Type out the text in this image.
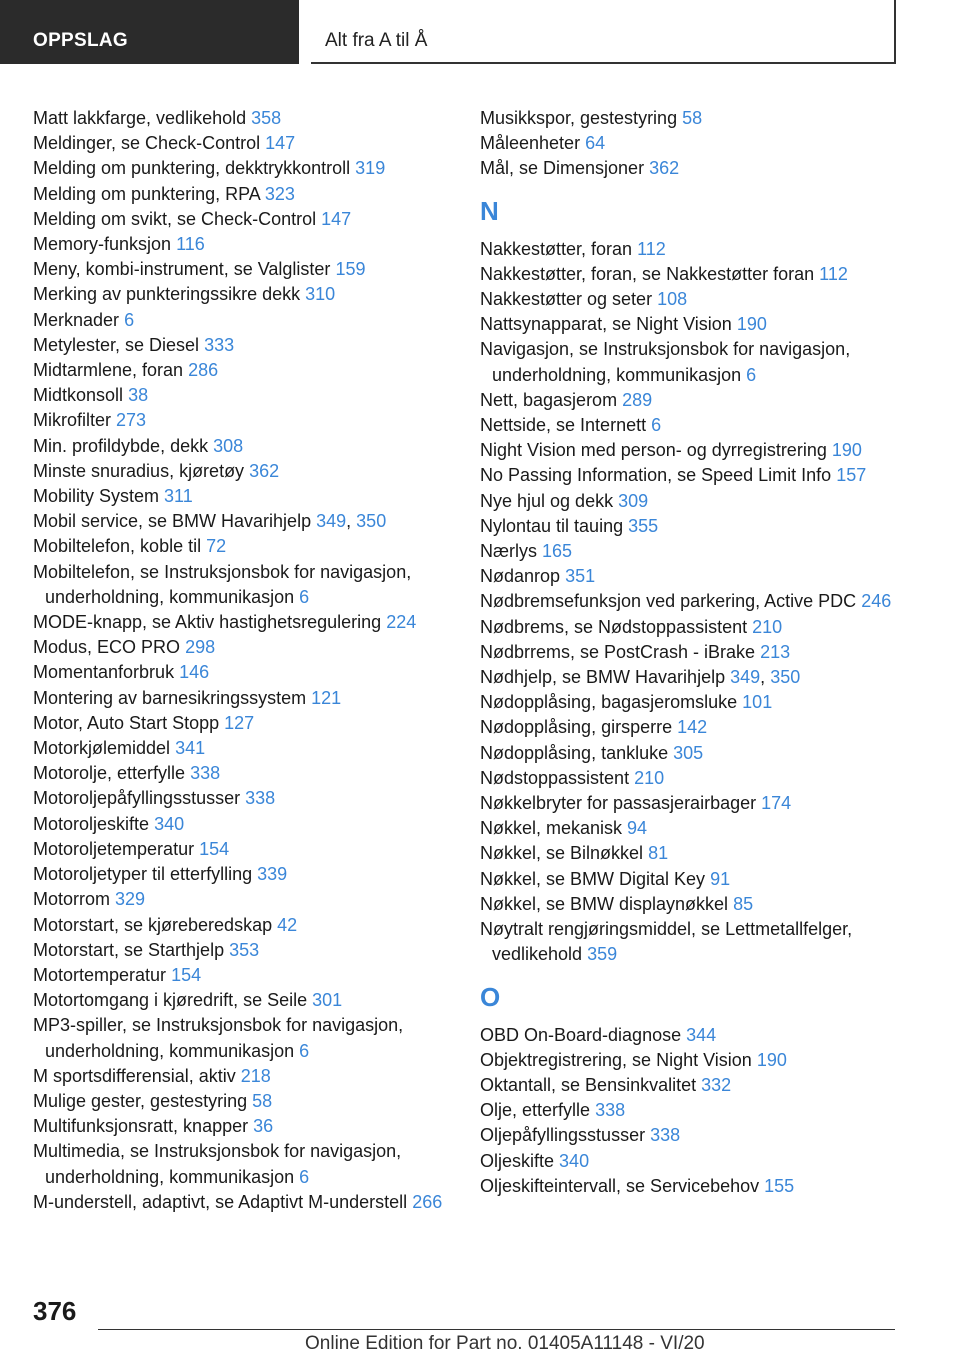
OPPSLAG	Alt fra A til Å
Matt lakkfarge, vedlikehold 358
Meldinger, se Check-Control 147
Melding om punktering, dekktrykkontroll 319
Melding om punktering, RPA 323
Melding om svikt, se Check-Control 147
Memory-funksjon 116
Meny, kombi-instrument, se Valglister 159
Merking av punkteringssikre dekk 310
Merknader 6
Metylester, se Diesel 333
Midtarmlene, foran 286
Midtkonsoll 38
Mikrofilter 273
Min. profildybde, dekk 308
Minste snuradius, kjøretøy 362
Mobility System 311
Mobil service, se BMW Havarihjelp 349, 350
Mobiltelefon, koble til 72
Mobiltelefon, se Instruksjonsbok for navigasjon, underholdning, kommunikasjon 6
MODE-knapp, se Aktiv hastighetsregulering 224
Modus, ECO PRO 298
Momentanforbruk 146
Montering av barnesikringssystem 121
Motor, Auto Start Stopp 127
Motorkjølemiddel 341
Motorolje, etterfylle 338
Motoroljepåfyllingsstusser 338
Motoroljeskifte 340
Motoroljetemperatur 154
Motoroljetyper til etterfylling 339
Motorrom 329
Motorstart, se kjøreberedskap 42
Motorstart, se Starthjelp 353
Motortemperatur 154
Motortomgang i kjøredrift, se Seile 301
MP3-spiller, se Instruksjonsbok for navigasjon, underholdning, kommunikasjon 6
M sportsdifferensial, aktiv 218
Mulige gester, gestestyring 58
Multifunksjonsratt, knapper 36
Multimedia, se Instruksjonsbok for navigasjon, underholdning, kommunikasjon 6
M-understell, adaptivt, se Adaptivt M-understell 266
Musikkspor, gestestyring 58
Måleenheter 64
Mål, se Dimensjoner 362
N
Nakkestøtter, foran 112
Nakkestøtter, foran, se Nakkestøtter foran 112
Nakkestøtter og seter 108
Nattsynapparat, se Night Vision 190
Navigasjon, se Instruksjonsbok for navigasjon, underholdning, kommunikasjon 6
Nett, bagasjerom 289
Nettside, se Internett 6
Night Vision med person- og dyrregistrering 190
No Passing Information, se Speed Limit Info 157
Nye hjul og dekk 309
Nylontau til tauing 355
Nærlys 165
Nødanrop 351
Nødbremsefunksjon ved parkering, Active PDC 246
Nødbrems, se Nødstoppassistent 210
Nødbrrems, se PostCrash - iBrake 213
Nødhjelp, se BMW Havarihjelp 349, 350
Nødopplåsing, bagasjeromsluke 101
Nødopplåsing, girsperre 142
Nødopplåsing, tankluke 305
Nødstoppassistent 210
Nøkkelbryter for passasjerairbager 174
Nøkkel, mekanisk 94
Nøkkel, se Bilnøkkel 81
Nøkkel, se BMW Digital Key 91
Nøkkel, se BMW displaynøkkel 85
Nøytralt rengjøringsmiddel, se Lettmetallfelger, vedlikehold 359
O
OBD On-Board-diagnose 344
Objektregistrering, se Night Vision 190
Oktantall, se Bensinkvalitet 332
Olje, etterfylle 338
Oljepåfyllingsstusser 338
Oljeskifte 340
Oljeskifteintervall, se Servicebehov 155
376
Online Edition for Part no. 01405A11148 - VI/20
